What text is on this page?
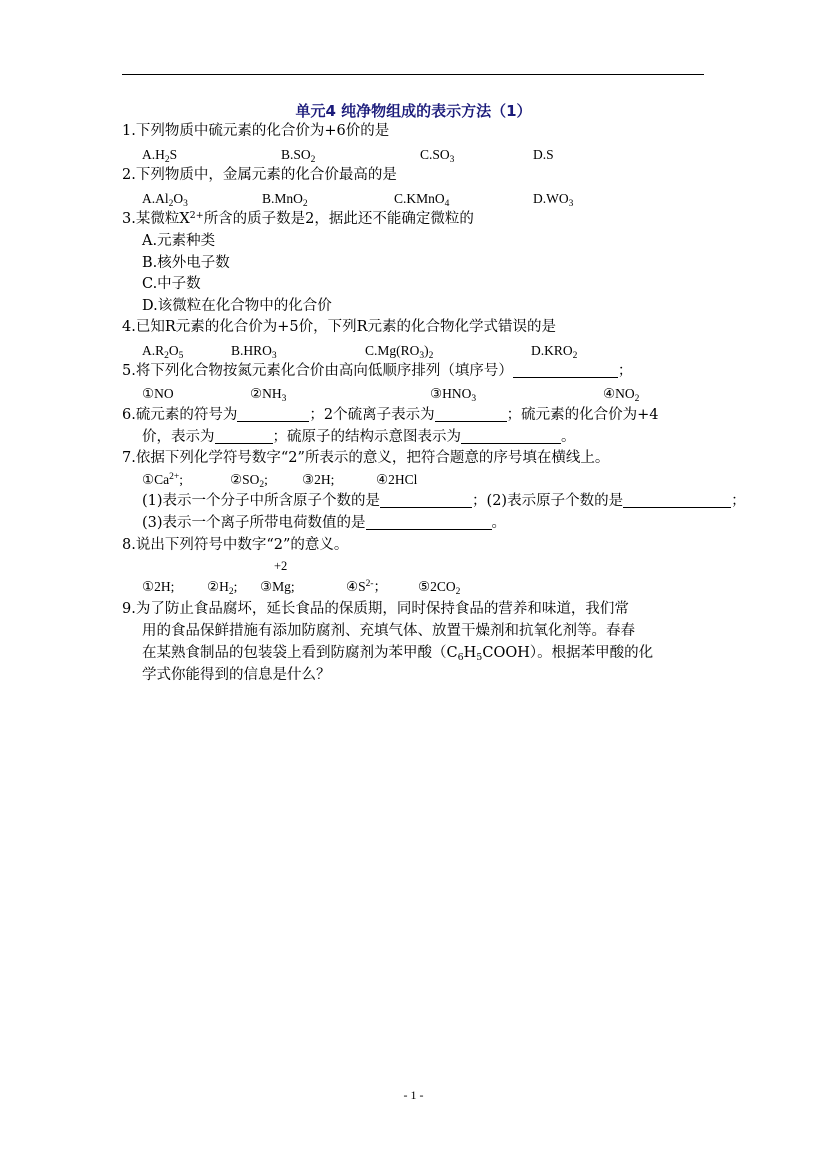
单元4 纯净物组成的表示方法（1）
1.下列物质中硫元素的化合价为+6价的是
$A.H_2S$	$B.SO_2$	$C.SO_3$	D.S
2.下列物质中，金属元素的化合价最高的是
$A.Al_2O_3$	B.MnO$_2$	C.KMnO$_4$	$D.WO_3$
3.某微粒$X^{2+}$所含的质子数是2，据此还不能确定微粒的
A.元素种类
B.核外电子数
C.中子数
D.该微粒在化合物中的化合价
4.已知R元素的化合价为+5价，下列R元素的化合物化学式错误的是
$A.R_2O_5$	$B.HRO_3$	$C.Mg(RO_3)_2$	$D.KRO_2$
5.将下列化合物按氮元素化合价由高向低顺序排列（填序号）	；
①NO	$②NH_3$	$③HNO_3$	$④NO_2$
6.硫元素的符号为	；2个硫离子表示为	；硫元素的化合价为+4
价，表示为	；硫原子的结构示意图表示为	。
7.依据下列化学符号数字“2”所表示的意义，把符合题意的序号填在横线上。
$①Ca^{2+}$;	$②SO_2$;	③2H;	④2HCl
(1)表示一个分子中所含原子个数的是	；(2)表示原子个数的是	；
(3)表示一个离子所带电荷数值的是	。
8.说出下列符号中数字“2”的意义。
+2
①2H; $②H_2$; ③Mg;	$④S^{2-}$； $⑤2CO_2$
9.为了防止食品腐坏，延长食品的保质期，同时保持食品的营养和味道，我们常
用的食品保鲜措施有添加防腐剂、充填气体、放置干燥剂和抗氧化剂等。春春
在某熟食制品的包装袋上看到防腐剂为苯甲酸$(C_6H_5COOH)$。根据苯甲酸的化
学式你能得到的信息是什么？
- 1 -
